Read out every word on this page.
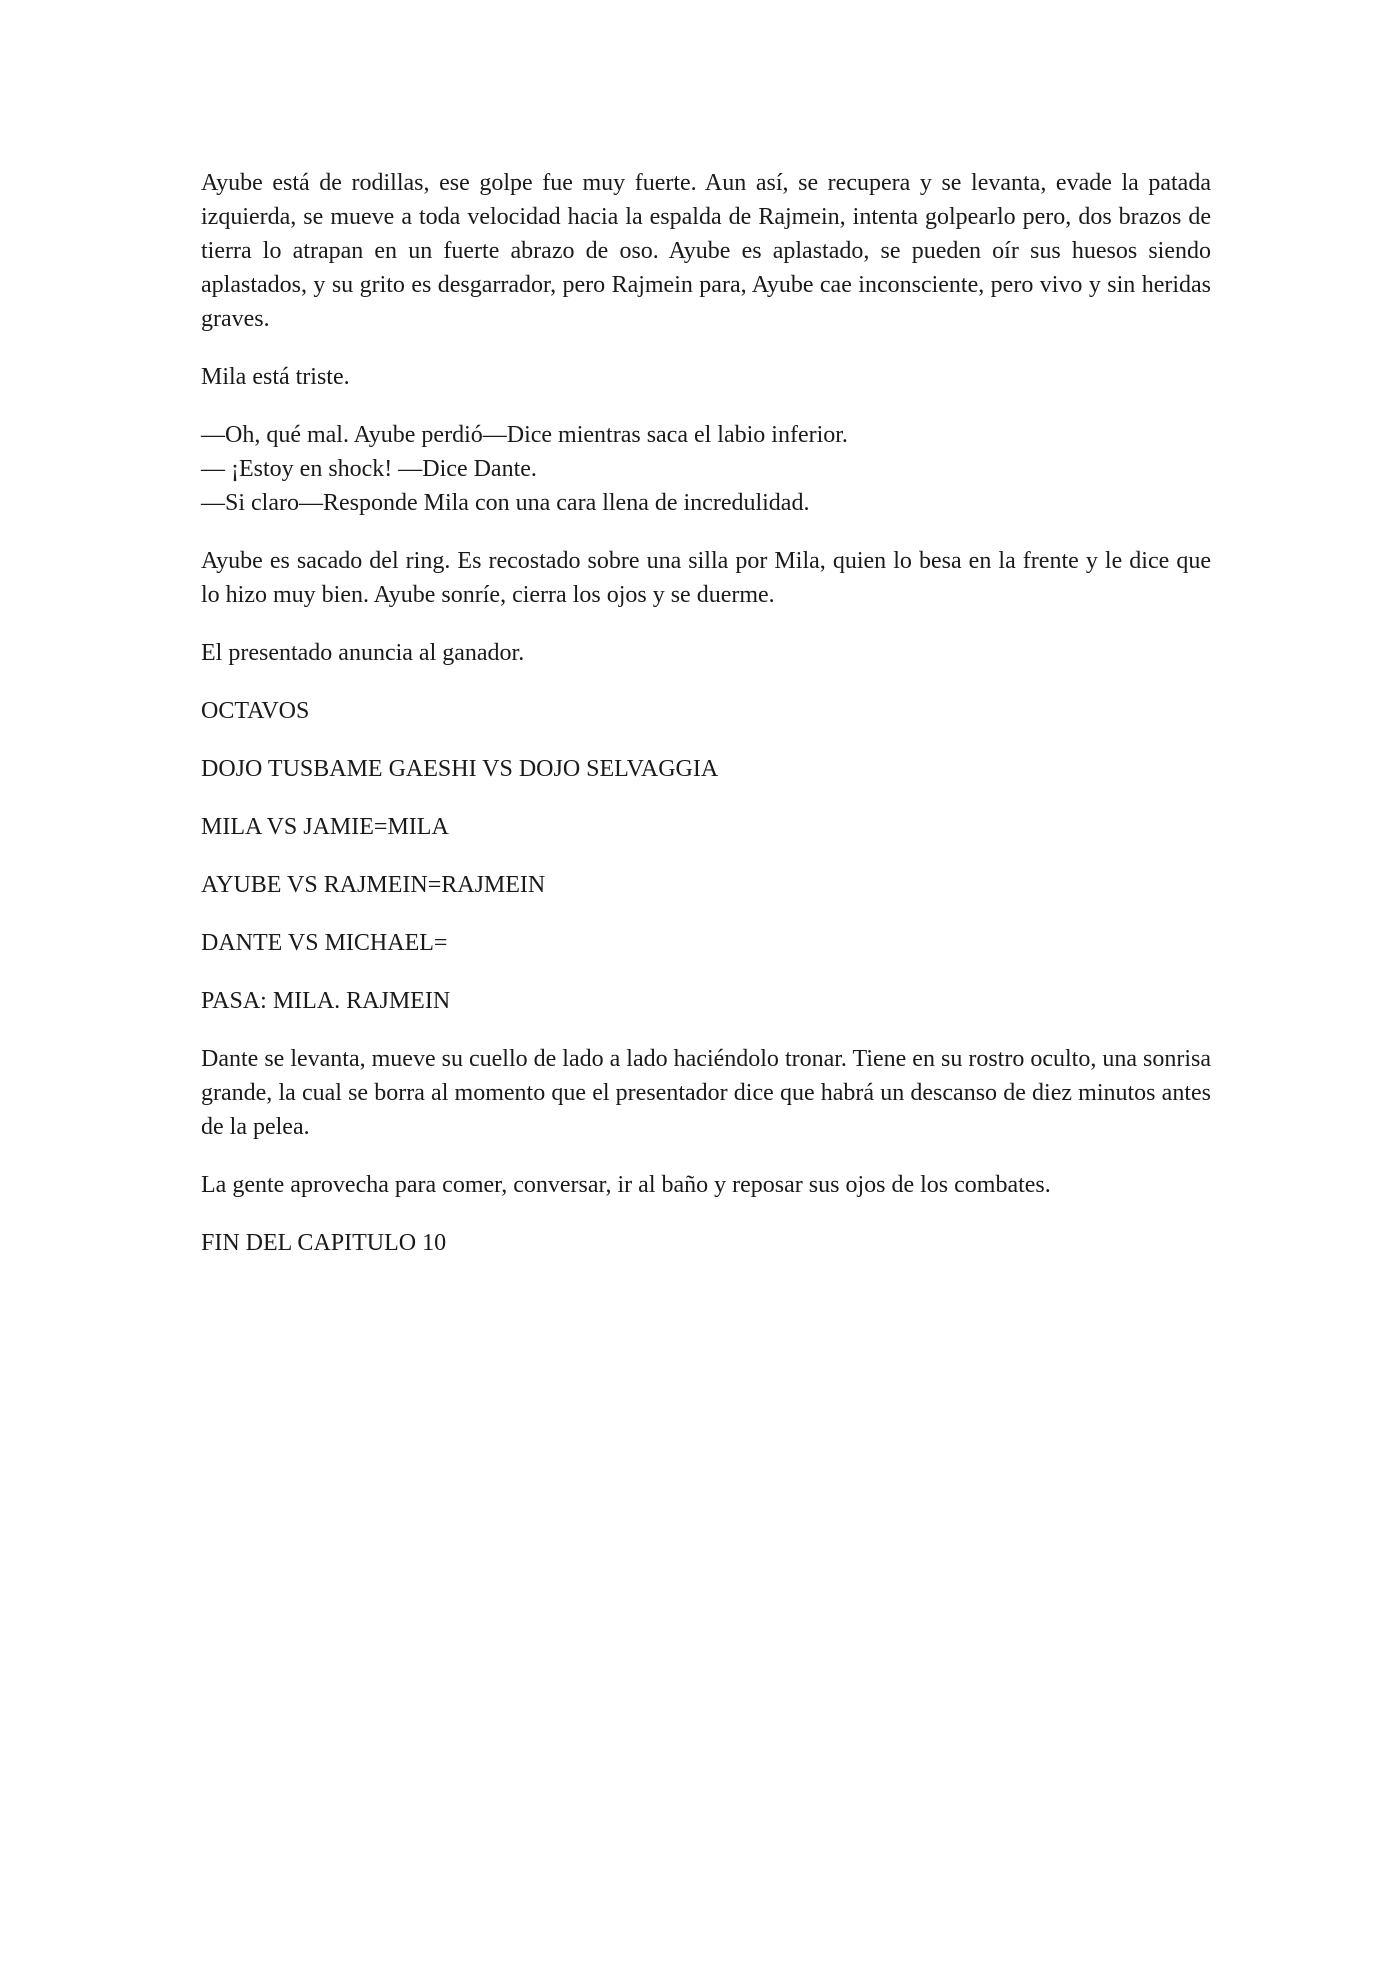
Ayube está de rodillas, ese golpe fue muy fuerte. Aun así, se recupera y se levanta, evade la patada izquierda, se mueve a toda velocidad hacia la espalda de Rajmein, intenta golpearlo pero, dos brazos de tierra lo atrapan en un fuerte abrazo de oso. Ayube es aplastado, se pueden oír sus huesos siendo aplastados, y su grito es desgarrador, pero Rajmein para, Ayube cae inconsciente, pero vivo y sin heridas graves.

Mila está triste.

—Oh, qué mal. Ayube perdió—Dice mientras saca el labio inferior.
— ¡Estoy en shock! —Dice Dante.
—Si claro—Responde Mila con una cara llena de incredulidad.

Ayube es sacado del ring. Es recostado sobre una silla por Mila, quien lo besa en la frente y le dice que lo hizo muy bien. Ayube sonríe, cierra los ojos y se duerme.

El presentado anuncia al ganador.

OCTAVOS

DOJO TUSBAME GAESHI VS DOJO SELVAGGIA

MILA VS JAMIE=MILA

AYUBE VS RAJMEIN=RAJMEIN

DANTE VS MICHAEL=

PASA: MILA. RAJMEIN

Dante se levanta, mueve su cuello de lado a lado haciéndolo tronar. Tiene en su rostro oculto, una sonrisa grande, la cual se borra al momento que el presentador dice que habrá un descanso de diez minutos antes de la pelea.

La gente aprovecha para comer, conversar, ir al baño y reposar sus ojos de los combates.

FIN DEL CAPITULO 10
